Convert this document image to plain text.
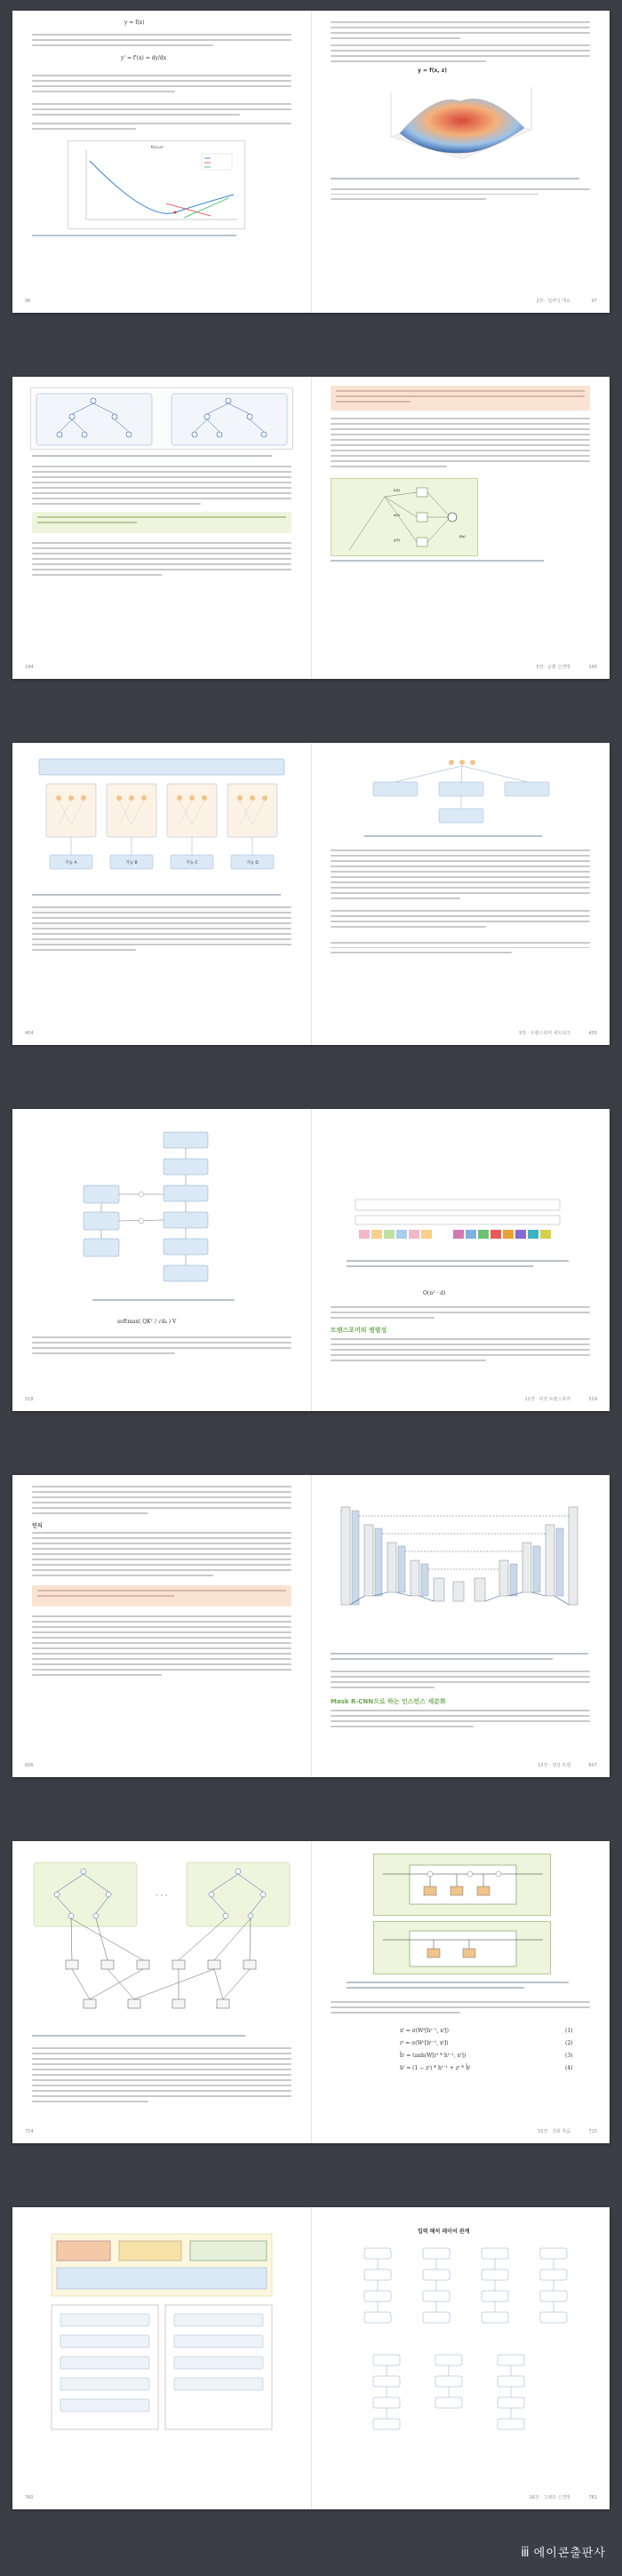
y = f(x)
y' = f'(x) = dy/dx
f(x)=x²
96
y = f(x, z)
2장 · 딥러닝 개요	97
194
h(t)
x(t)
y(t)
f(x)
5장 · 순환 신경망	195
기능 A	기능 B	기능 C	기능 D
404	9장 · 트랜스포머 네트워크	405
softmax( QKᵀ / √dₖ ) V
518
O(n² · d)
트랜스포머의 병렬성
11장 · 비전 트랜스포머	519
인식
606
Mask R-CNN으로 하는 인스턴스 세분화
13장 · 생성 모델	607
· · ·
714
xᵗ = σ(Wᶻ[hᵗ⁻¹, xᵗ])	(1)
rᵗ = σ(Wʳ[hᵗ⁻¹, xᵗ])	(2)
h̃ᵗ = tanh(W[rᵗ * hᵗ⁻¹, xᵗ])	(3)
hᵗ = (1 − zᵗ) * hᵗ⁻¹ + zᵗ * h̃ᵗ	(4)
15장 · 강화 학습	715
760
입력 해석 레이어 관계
16장 · 그래프 신경망	761
ⅲ 에이콘출판사
